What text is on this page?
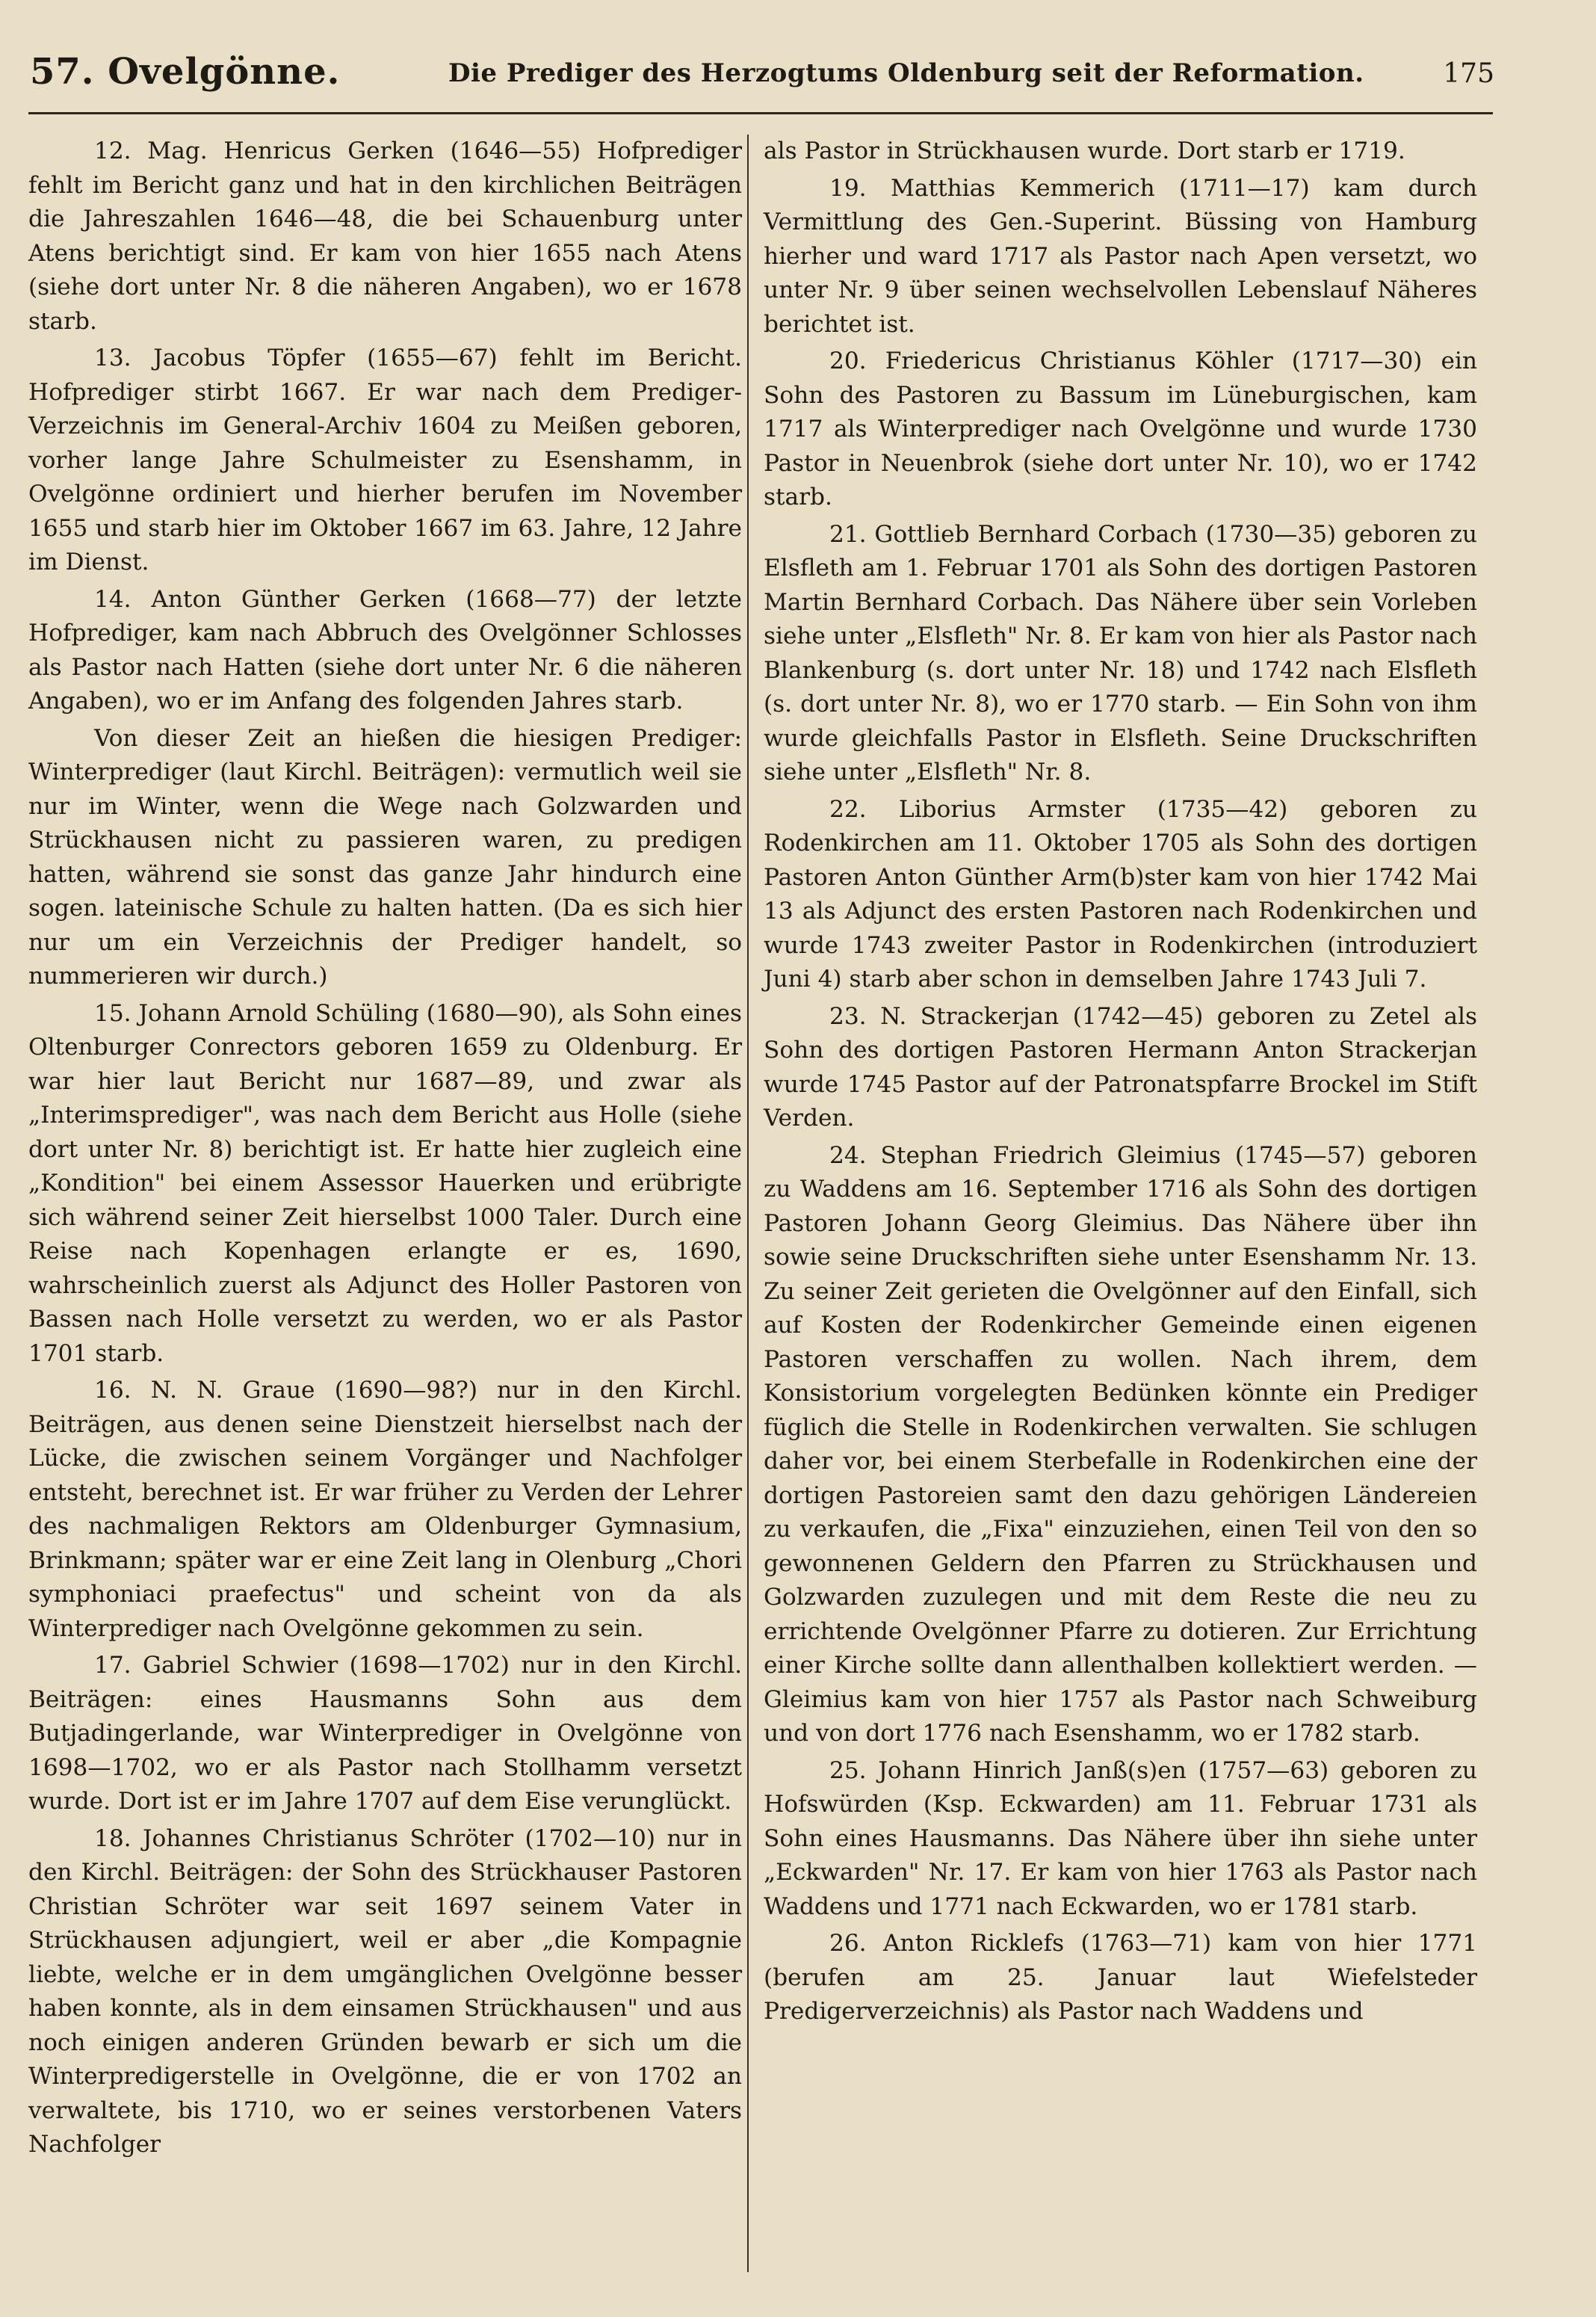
57. Ovelgönne.	Die Prediger des Herzogtums Oldenburg seit der Reformation.	175

12. Mag. Henricus Gerken (1646—55) Hofprediger fehlt im Bericht ganz und hat in den kirchlichen Beiträgen die Jahreszahlen 1646—48, die bei Schauenburg unter Atens berichtigt sind. Er kam von hier 1655 nach Atens (siehe dort unter Nr. 8 die näheren Angaben), wo er 1678 starb.

13. Jacobus Töpfer (1655—67) fehlt im Bericht. Hofprediger stirbt 1667. Er war nach dem Prediger-Verzeichnis im General-Archiv 1604 zu Meißen geboren, vorher lange Jahre Schulmeister zu Esenshamm, in Ovelgönne ordiniert und hierher berufen im November 1655 und starb hier im Oktober 1667 im 63. Jahre, 12 Jahre im Dienst.

14. Anton Günther Gerken (1668—77) der letzte Hofprediger, kam nach Abbruch des Ovelgönner Schlosses als Pastor nach Hatten (siehe dort unter Nr. 6 die näheren Angaben), wo er im Anfang des folgenden Jahres starb.

Von dieser Zeit an hießen die hiesigen Prediger: Winterprediger (laut Kirchl. Beiträgen): vermutlich weil sie nur im Winter, wenn die Wege nach Golzwarden und Strückhausen nicht zu passieren waren, zu predigen hatten, während sie sonst das ganze Jahr hindurch eine sogen. lateinische Schule zu halten hatten. (Da es sich hier nur um ein Verzeichnis der Prediger handelt, so nummerieren wir durch.)

15. Johann Arnold Schüling (1680—90), als Sohn eines Oltenburger Conrectors geboren 1659 zu Oldenburg. Er war hier laut Bericht nur 1687—89, und zwar als „Interimsprediger", was nach dem Bericht aus Holle (siehe dort unter Nr. 8) berichtigt ist. Er hatte hier zugleich eine „Kondition" bei einem Assessor Hauerken und erübrigte sich während seiner Zeit hierselbst 1000 Taler. Durch eine Reise nach Kopenhagen erlangte er es, 1690, wahrscheinlich zuerst als Adjunct des Holler Pastoren von Bassen nach Holle versetzt zu werden, wo er als Pastor 1701 starb.

16. N. N. Graue (1690—98?) nur in den Kirchl. Beiträgen, aus denen seine Dienstzeit hierselbst nach der Lücke, die zwischen seinem Vorgänger und Nachfolger entsteht, berechnet ist. Er war früher zu Verden der Lehrer des nachmaligen Rektors am Oldenburger Gymnasium, Brinkmann; später war er eine Zeit lang in Olenburg „Chori symphoniaci praefectus" und scheint von da als Winterprediger nach Ovelgönne gekommen zu sein.

17. Gabriel Schwier (1698—1702) nur in den Kirchl. Beiträgen: eines Hausmanns Sohn aus dem Butjadingerlande, war Winterprediger in Ovelgönne von 1698—1702, wo er als Pastor nach Stollhamm versetzt wurde. Dort ist er im Jahre 1707 auf dem Eise verunglückt.

18. Johannes Christianus Schröter (1702—10) nur in den Kirchl. Beiträgen: der Sohn des Strückhauser Pastoren Christian Schröter war seit 1697 seinem Vater in Strückhausen adjungiert, weil er aber „die Kompagnie liebte, welche er in dem umgänglichen Ovelgönne besser haben konnte, als in dem einsamen Strückhausen" und aus noch einigen anderen Gründen bewarb er sich um die Winterpredigerstelle in Ovelgönne, die er von 1702 an verwaltete, bis 1710, wo er seines verstorbenen Vaters Nachfolger

als Pastor in Strückhausen wurde. Dort starb er 1719.

19. Matthias Kemmerich (1711—17) kam durch Vermittlung des Gen.-Superint. Büssing von Hamburg hierher und ward 1717 als Pastor nach Apen versetzt, wo unter Nr. 9 über seinen wechselvollen Lebenslauf Näheres berichtet ist.

20. Friedericus Christianus Köhler (1717—30) ein Sohn des Pastoren zu Bassum im Lüneburgischen, kam 1717 als Winterprediger nach Ovelgönne und wurde 1730 Pastor in Neuenbrok (siehe dort unter Nr. 10), wo er 1742 starb.

21. Gottlieb Bernhard Corbach (1730—35) geboren zu Elsfleth am 1. Februar 1701 als Sohn des dortigen Pastoren Martin Bernhard Corbach. Das Nähere über sein Vorleben siehe unter „Elsfleth" Nr. 8. Er kam von hier als Pastor nach Blankenburg (s. dort unter Nr. 18) und 1742 nach Elsfleth (s. dort unter Nr. 8), wo er 1770 starb. — Ein Sohn von ihm wurde gleichfalls Pastor in Elsfleth. Seine Druckschriften siehe unter „Elsfleth" Nr. 8.

22. Liborius Armster (1735—42) geboren zu Rodenkirchen am 11. Oktober 1705 als Sohn des dortigen Pastoren Anton Günther Arm(b)ster kam von hier 1742 Mai 13 als Adjunct des ersten Pastoren nach Rodenkirchen und wurde 1743 zweiter Pastor in Rodenkirchen (introduziert Juni 4) starb aber schon in demselben Jahre 1743 Juli 7.

23. N. Strackerjan (1742—45) geboren zu Zetel als Sohn des dortigen Pastoren Hermann Anton Strackerjan wurde 1745 Pastor auf der Patronatspfarre Brockel im Stift Verden.

24. Stephan Friedrich Gleimius (1745—57) geboren zu Waddens am 16. September 1716 als Sohn des dortigen Pastoren Johann Georg Gleimius. Das Nähere über ihn sowie seine Druckschriften siehe unter Esenshamm Nr. 13. Zu seiner Zeit gerieten die Ovelgönner auf den Einfall, sich auf Kosten der Rodenkircher Gemeinde einen eigenen Pastoren verschaffen zu wollen. Nach ihrem, dem Konsistorium vorgelegten Bedünken könnte ein Prediger füglich die Stelle in Rodenkirchen verwalten. Sie schlugen daher vor, bei einem Sterbefalle in Rodenkirchen eine der dortigen Pastoreien samt den dazu gehörigen Ländereien zu verkaufen, die „Fixa" einzuziehen, einen Teil von den so gewonnenen Geldern den Pfarren zu Strückhausen und Golzwarden zuzulegen und mit dem Reste die neu zu errichtende Ovelgönner Pfarre zu dotieren. Zur Errichtung einer Kirche sollte dann allenthalben kollektiert werden. — Gleimius kam von hier 1757 als Pastor nach Schweiburg und von dort 1776 nach Esenshamm, wo er 1782 starb.

25. Johann Hinrich Janß(s)en (1757—63) geboren zu Hofswürden (Ksp. Eckwarden) am 11. Februar 1731 als Sohn eines Hausmanns. Das Nähere über ihn siehe unter „Eckwarden" Nr. 17. Er kam von hier 1763 als Pastor nach Waddens und 1771 nach Eckwarden, wo er 1781 starb.

26. Anton Ricklefs (1763—71) kam von hier 1771 (berufen am 25. Januar laut Wiefelsteder Predigerverzeichnis) als Pastor nach Waddens und
